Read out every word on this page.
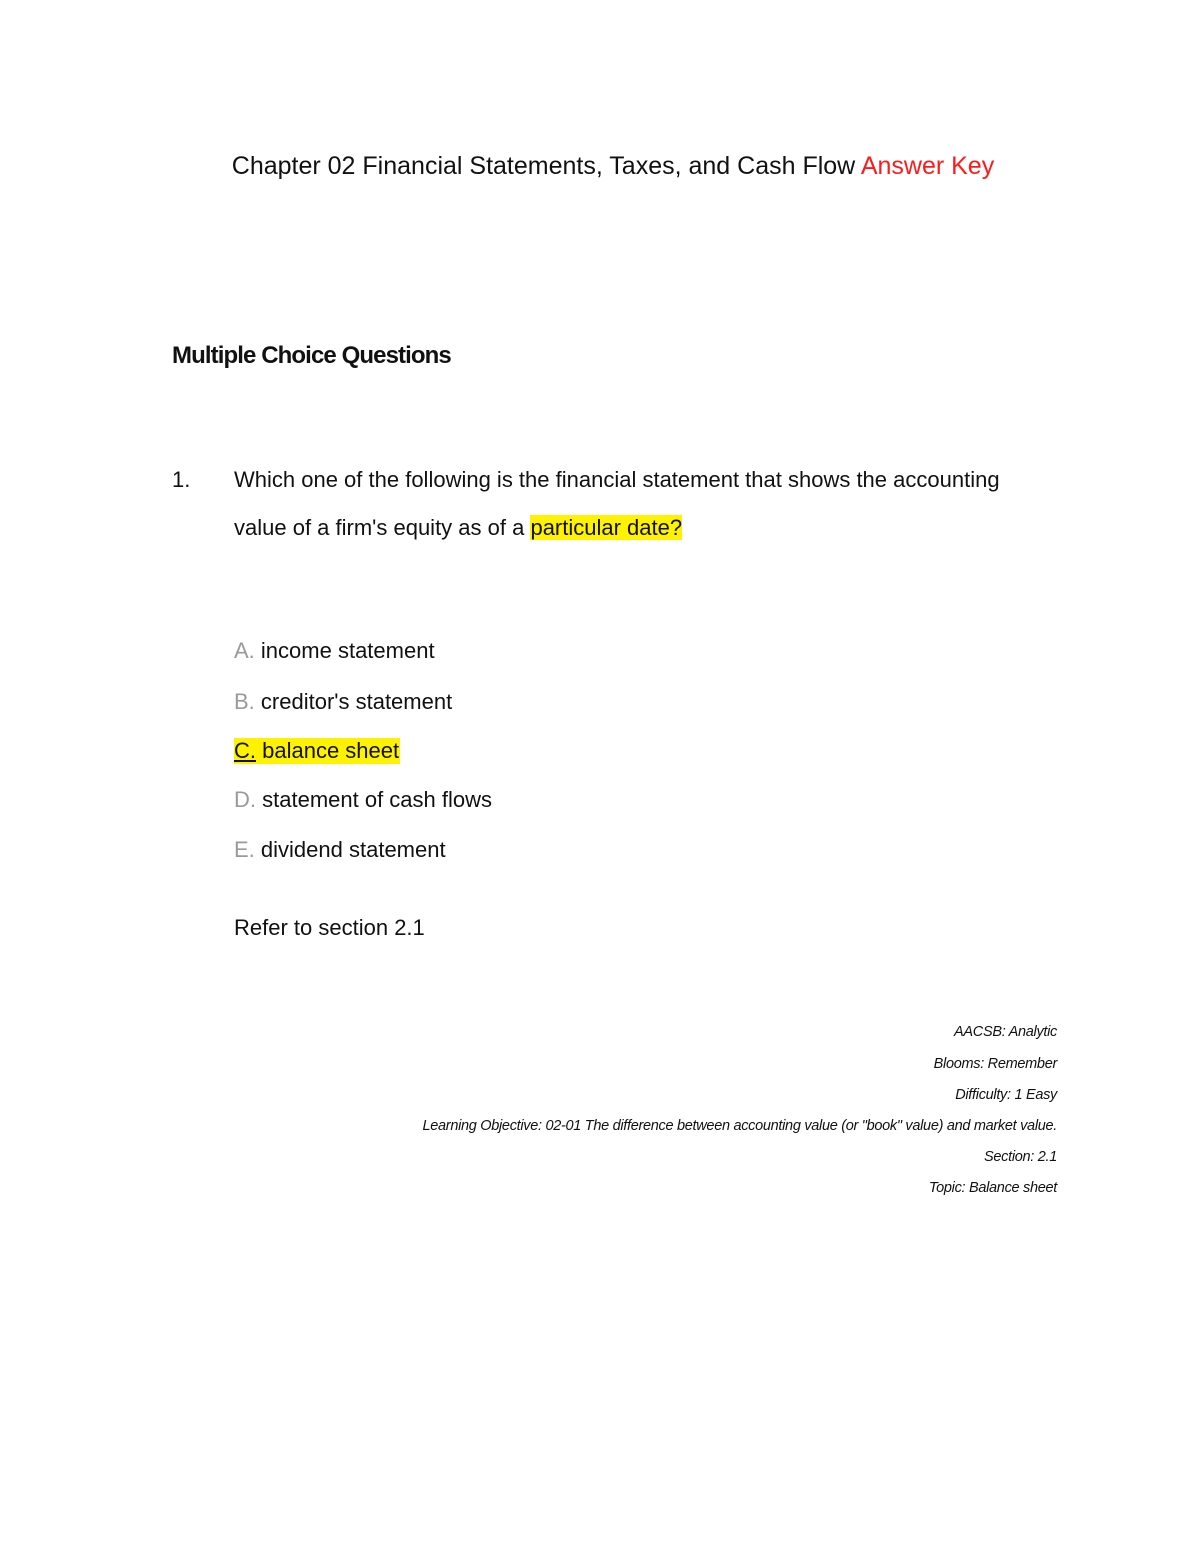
Chapter 02 Financial Statements, Taxes, and Cash Flow Answer Key
Multiple Choice Questions
1. Which one of the following is the financial statement that shows the accounting
value of a firm's equity as of a particular date?
A. income statement
B. creditor's statement
C. balance sheet
D. statement of cash flows
E. dividend statement
Refer to section 2.1
AACSB: Analytic
Blooms: Remember
Difficulty: 1 Easy
Learning Objective: 02-01 The difference between accounting value (or "book" value) and market value.
Section: 2.1
Topic: Balance sheet
